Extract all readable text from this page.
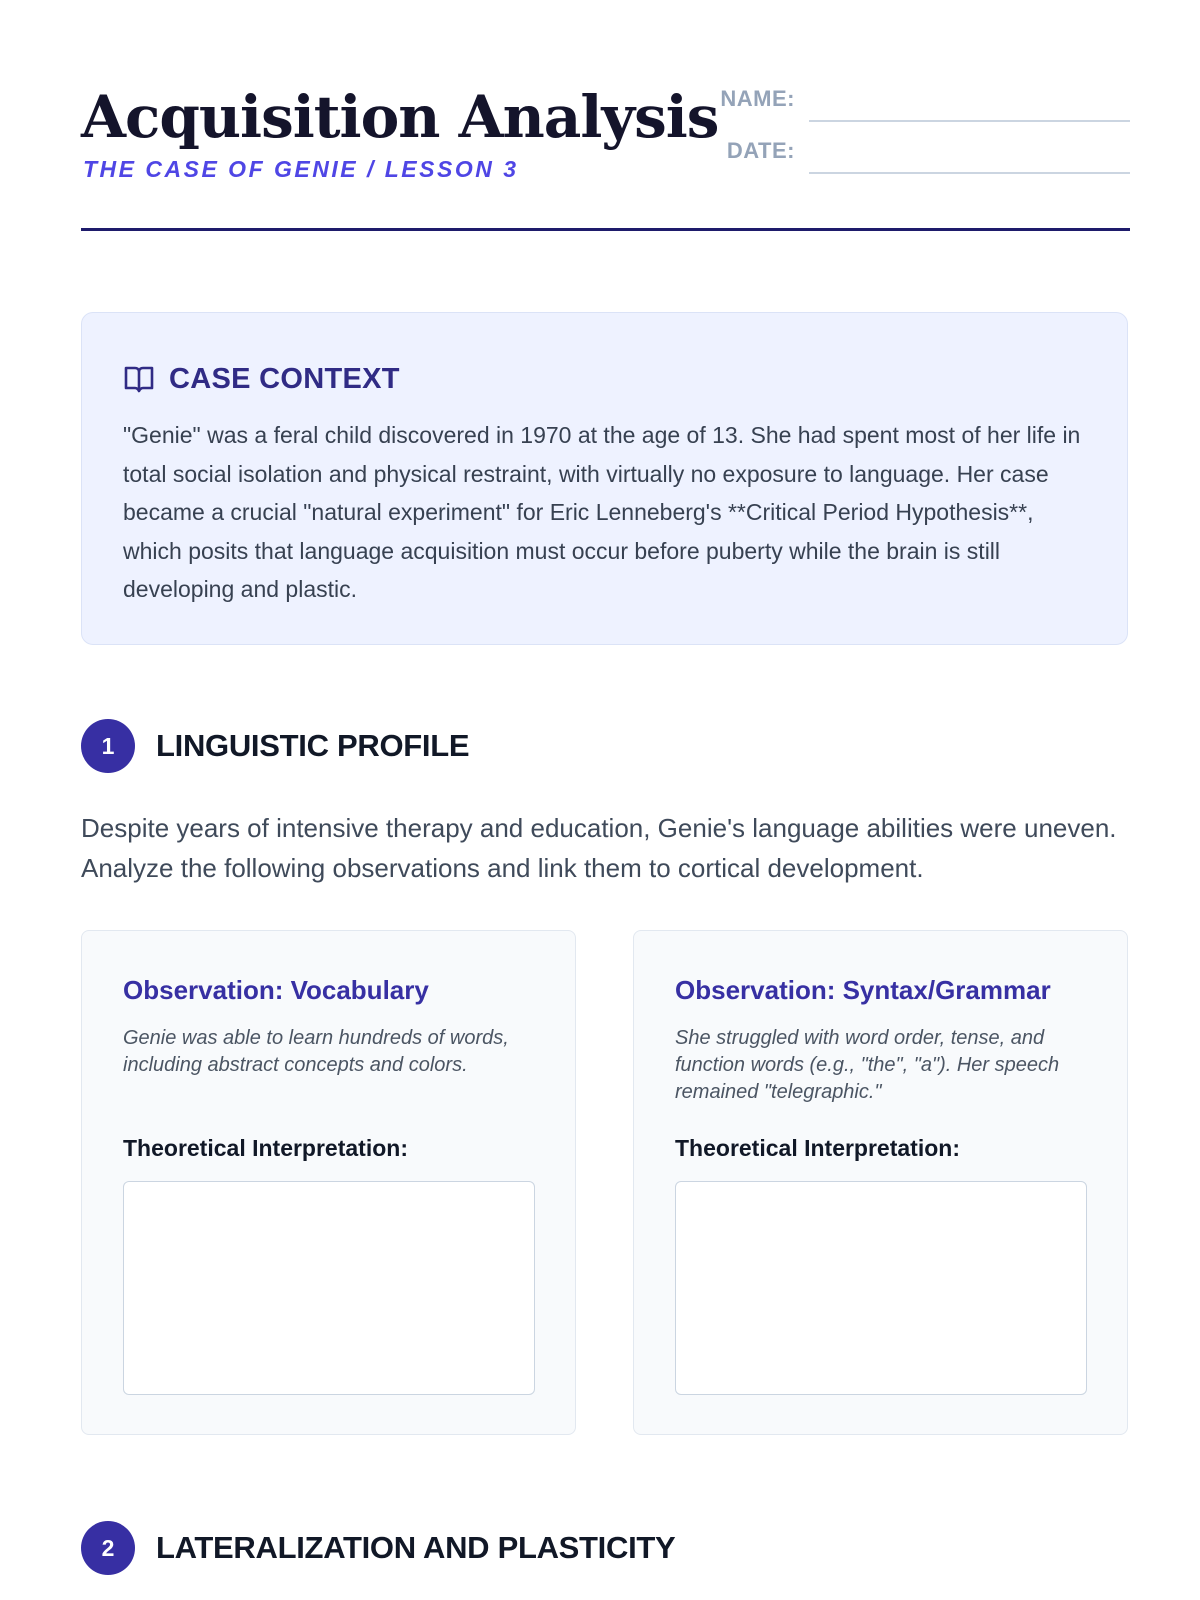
Acquisition Analysis
THE CASE OF GENIE / LESSON 3
NAME:
DATE:
CASE CONTEXT

"Genie" was a feral child discovered in 1970 at the age of 13. She had spent most of her life in total social isolation and physical restraint, with virtually no exposure to language. Her case became a crucial "natural experiment" for Eric Lenneberg's **Critical Period Hypothesis**, which posits that language acquisition must occur before puberty while the brain is still developing and plastic.

1	LINGUISTIC PROFILE

Despite years of intensive therapy and education, Genie's language abilities were uneven. Analyze the following observations and link them to cortical development.

Observation: Vocabulary

Genie was able to learn hundreds of words, including abstract concepts and colors.

Theoretical Interpretation:

Observation: Syntax/Grammar

She struggled with word order, tense, and function words (e.g., "the", "a"). Her speech remained "telegraphic."

Theoretical Interpretation:

2	LATERALIZATION AND PLASTICITY
